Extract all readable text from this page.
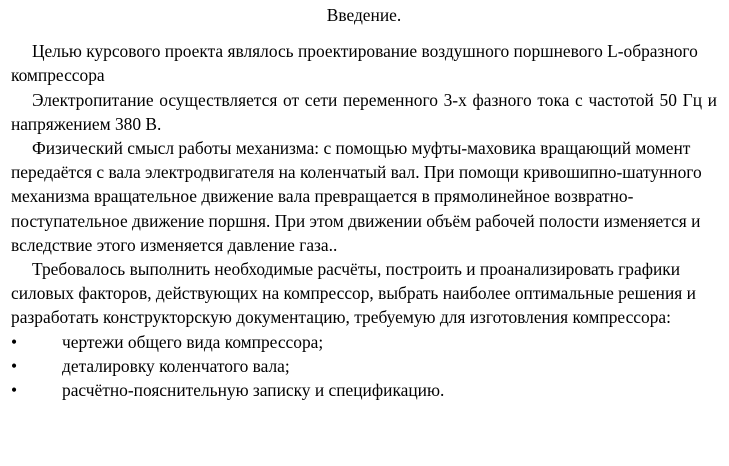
Введение.

Целью курсового проекта являлось проектирование воздушного поршневого L-образного компрессора

Электропитание осуществляется от сети переменного 3-х фазного тока с частотой 50 Гц и напряжением 380 В.

Физический смысл работы механизма: с помощью муфты-маховика вращающий момент передаётся с вала электродвигателя на коленчатый вал. При помощи кривошипно-шатунного механизма вращательное движение вала превращается в прямолинейное возвратно-поступательное движение поршня. При этом движении объём рабочей полости изменяется и вследствие этого изменяется давление газа..

Требовалось выполнить необходимые расчёты, построить и проанализировать графики силовых факторов, действующих на компрессор, выбрать наиболее оптимальные решения и разработать конструкторскую документацию, требуемую для изготовления компрессора:

•	чертежи общего вида компрессора;
•	деталировку коленчатого вала;
•	расчётно-пояснительную записку и спецификацию.
